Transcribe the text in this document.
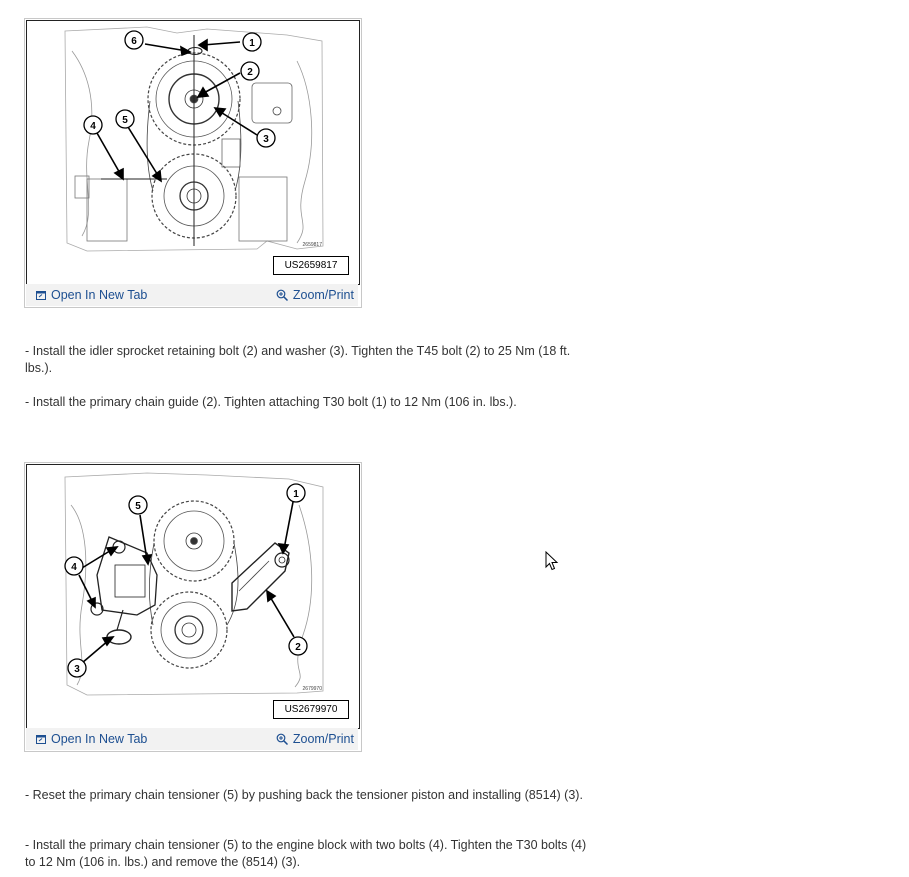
6	1
2
3
4
5
2659817
US2659817
Open In New Tab	Zoom/Print
- Install the idler sprocket retaining bolt (2) and washer (3). Tighten the T45 bolt (2) to 25 Nm (18 ft. lbs.).
- Install the primary chain guide (2). Tighten attaching T30 bolt (1) to 12 Nm (106 in. lbs.).
1
2
3
4
5
2679970
US2679970
Open In New Tab	Zoom/Print
- Reset the primary chain tensioner (5) by pushing back the tensioner piston and installing (8514) (3).
- Install the primary chain tensioner (5) to the engine block with two bolts (4). Tighten the T30 bolts (4) to 12 Nm (106 in. lbs.) and remove the (8514) (3).
